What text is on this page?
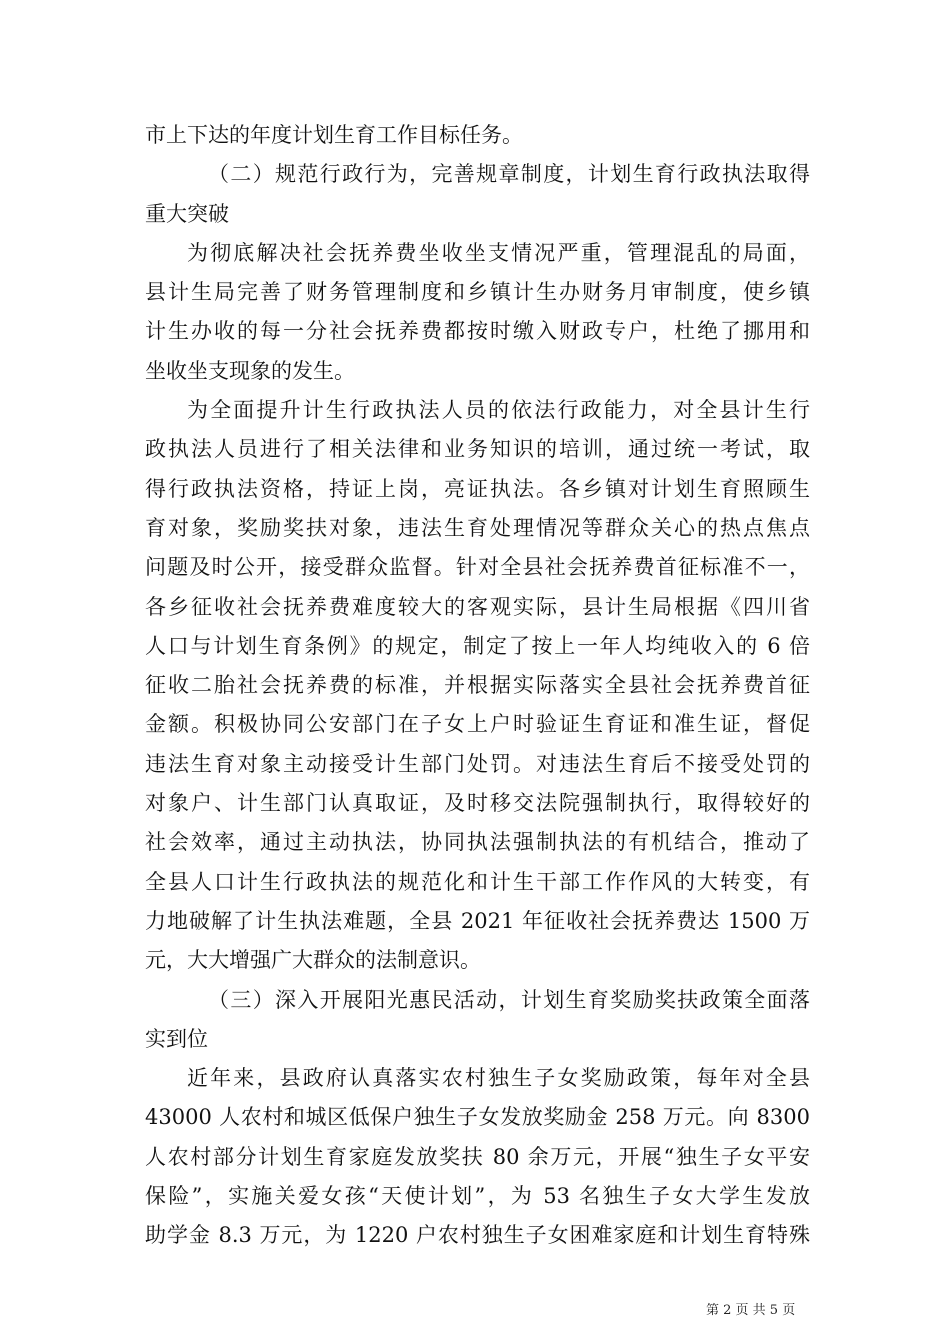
市上下达的年度计划生育工作目标任务。
（二）规范行政行为，完善规章制度，计划生育行政执法取得
重大突破
为彻底解决社会抚养费坐收坐支情况严重，管理混乱的局面，
县计生局完善了财务管理制度和乡镇计生办财务月审制度，使乡镇
计生办收的每一分社会抚养费都按时缴入财政专户，杜绝了挪用和
坐收坐支现象的发生。
为全面提升计生行政执法人员的依法行政能力，对全县计生行
政执法人员进行了相关法律和业务知识的培训，通过统一考试，取
得行政执法资格，持证上岗，亮证执法。各乡镇对计划生育照顾生
育对象，奖励奖扶对象，违法生育处理情况等群众关心的热点焦点
问题及时公开，接受群众监督。针对全县社会抚养费首征标准不一，
各乡征收社会抚养费难度较大的客观实际，县计生局根据《四川省
人口与计划生育条例》的规定，制定了按上一年人均纯收入的 6 倍
征收二胎社会抚养费的标准，并根据实际落实全县社会抚养费首征
金额。积极协同公安部门在子女上户时验证生育证和准生证，督促
违法生育对象主动接受计生部门处罚。对违法生育后不接受处罚的
对象户、计生部门认真取证，及时移交法院强制执行，取得较好的
社会效率，通过主动执法，协同执法强制执法的有机结合，推动了
全县人口计生行政执法的规范化和计生干部工作作风的大转变，有
力地破解了计生执法难题，全县 2021 年征收社会抚养费达 1500 万
元，大大增强广大群众的法制意识。
（三）深入开展阳光惠民活动，计划生育奖励奖扶政策全面落
实到位
近年来，县政府认真落实农村独生子女奖励政策，每年对全县
43000 人农村和城区低保户独生子女发放奖励金 258 万元。向 8300
人农村部分计划生育家庭发放奖扶 80 余万元，开展“独生子女平安
保险”，实施关爱女孩“天使计划”，为 53 名独生子女大学生发放
助学金 8.3 万元，为 1220 户农村独生子女困难家庭和计划生育特殊
第 2 页 共 5 页
